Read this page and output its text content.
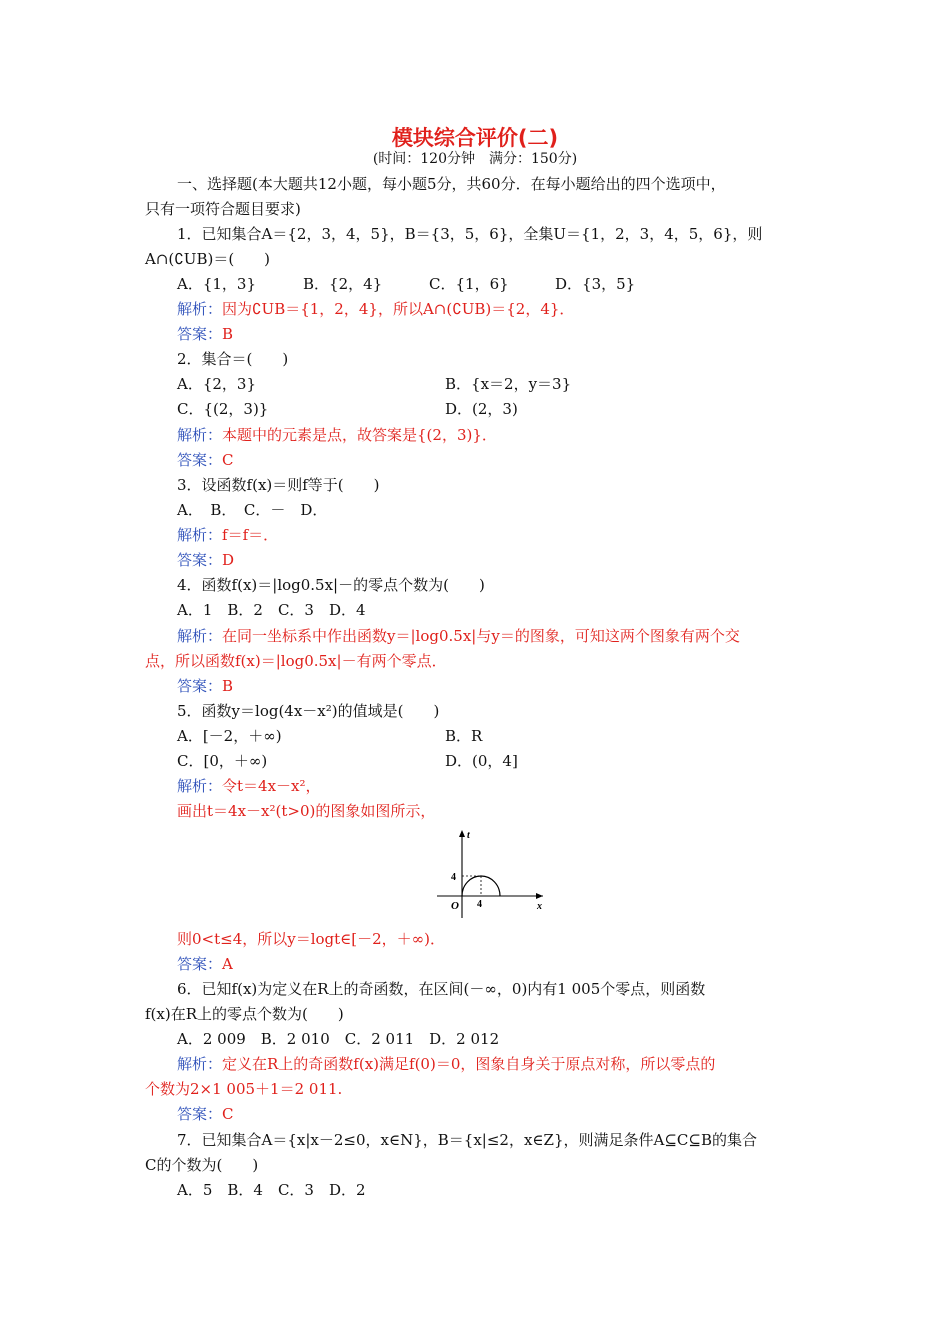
模块综合评价(二)
(时间：120分钟　满分：150分)
一、选择题(本大题共12小题，每小题5分，共60分．在每小题给出的四个选项中，
只有一项符合题目要求)
1．已知集合A＝{2，3，4，5}，B＝{3，5，6}，全集U＝{1，2，3，4，5，6}，则
A∩(∁UB)＝(　　)
A．{1，3}	B．{2，4}	C．{1，6}	D．{3，5}
解析：因为∁UB＝{1，2，4}，所以A∩(∁UB)＝{2，4}．
答案：B
2．集合＝(　　)
A．{2，3}	B．{x＝2，y＝3}
C．{(2，3)}	D．(2，3)
解析：本题中的元素是点，故答案是{(2，3)}．
答案：C
3．设函数f(x)＝则f等于(　　)
A．　B．　C．－　D．
解析：f＝f＝．
答案：D
4．函数f(x)＝|log0.5x|－的零点个数为(　　)
A．1　B．2　C．3　D．4
解析：在同一坐标系中作出函数y＝|log0.5x|与y＝的图象，可知这两个图象有两个交
点，所以函数f(x)＝|log0.5x|－有两个零点．
答案：B
5．函数y＝log(4x－x²)的值域是(　　)
A．[－2，＋∞)	B．R
C．[0，＋∞)	D．(0，4]
解析：令t＝4x－x²，
画出t＝4x－x²(t>0)的图象如图所示，
t
x
O
4
4
则0<t≤4，所以y＝logt∈[－2，＋∞)．
答案：A
6．已知f(x)为定义在R上的奇函数，在区间(－∞，0)内有1 005个零点，则函数
f(x)在R上的零点个数为(　　)
A．2 009　B．2 010　C．2 011　D．2 012
解析：定义在R上的奇函数f(x)满足f(0)＝0，图象自身关于原点对称，所以零点的
个数为2×1 005＋1＝2 011.
答案：C
7．已知集合A＝{x|x－2≤0，x∈N}，B＝{x|≤2，x∈Z}，则满足条件A⊆C⊆B的集合
C的个数为(　　)
A．5　B．4　C．3　D．2
